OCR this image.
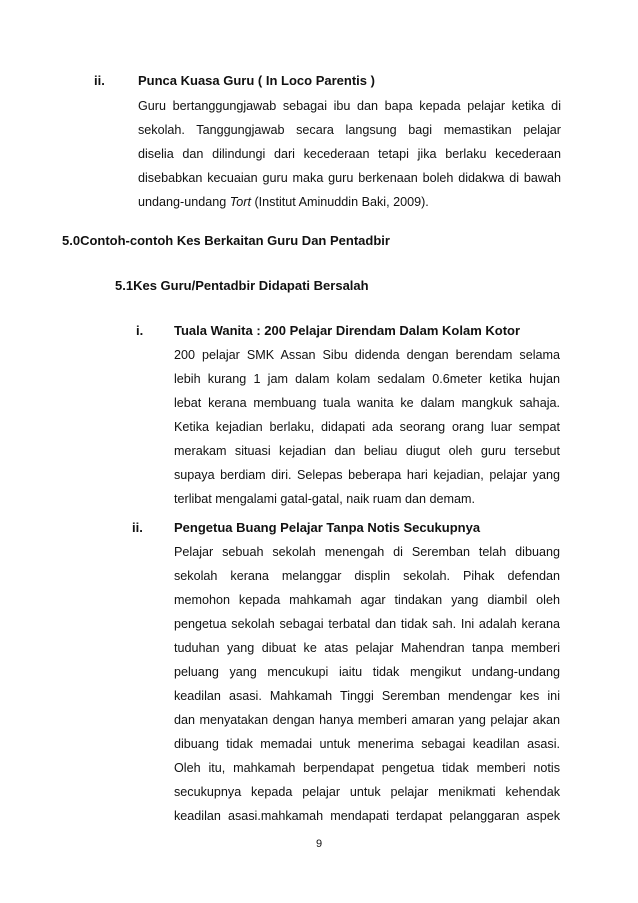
ii.	Punca Kuasa Guru ( In Loco Parentis )
Guru bertanggungjawab sebagai ibu dan bapa kepada pelajar ketika di
sekolah. Tanggungjawab secara langsung bagi memastikan pelajar
diselia dan dilindungi dari kecederaan tetapi jika berlaku kecederaan
disebabkan kecuaian guru maka guru berkenaan boleh didakwa di bawah
undang-undang Tort (Institut Aminuddin Baki, 2009).
5.0Contoh-contoh Kes Berkaitan Guru Dan Pentadbir
5.1Kes Guru/Pentadbir Didapati Bersalah
i. Tuala Wanita : 200 Pelajar Direndam Dalam Kolam Kotor
200 pelajar SMK Assan Sibu didenda dengan berendam selama
lebih kurang 1 jam dalam kolam sedalam 0.6meter ketika hujan
lebat kerana membuang tuala wanita ke dalam mangkuk sahaja.
Ketika kejadian berlaku, didapati ada seorang orang luar sempat
merakam situasi kejadian dan beliau diugut oleh guru tersebut
supaya berdiam diri. Selepas beberapa hari kejadian, pelajar yang
terlibat mengalami gatal-gatal, naik ruam dan demam.
ii. Pengetua Buang Pelajar Tanpa Notis Secukupnya
Pelajar sebuah sekolah menengah di Seremban telah dibuang
sekolah kerana melanggar displin sekolah. Pihak defendan
memohon kepada mahkamah agar tindakan yang diambil oleh
pengetua sekolah sebagai terbatal dan tidak sah. Ini adalah kerana
tuduhan yang dibuat ke atas pelajar Mahendran tanpa memberi
peluang yang mencukupi iaitu tidak mengikut undang-undang
keadilan asasi. Mahkamah Tinggi Seremban mendengar kes ini
dan menyatakan dengan hanya memberi amaran yang pelajar akan
dibuang tidak memadai untuk menerima sebagai keadilan asasi.
Oleh itu, mahkamah berpendapat pengetua tidak memberi notis
secukupnya kepada pelajar untuk pelajar menikmati kehendak
keadilan asasi.mahkamah mendapati terdapat pelanggaran aspek
9
